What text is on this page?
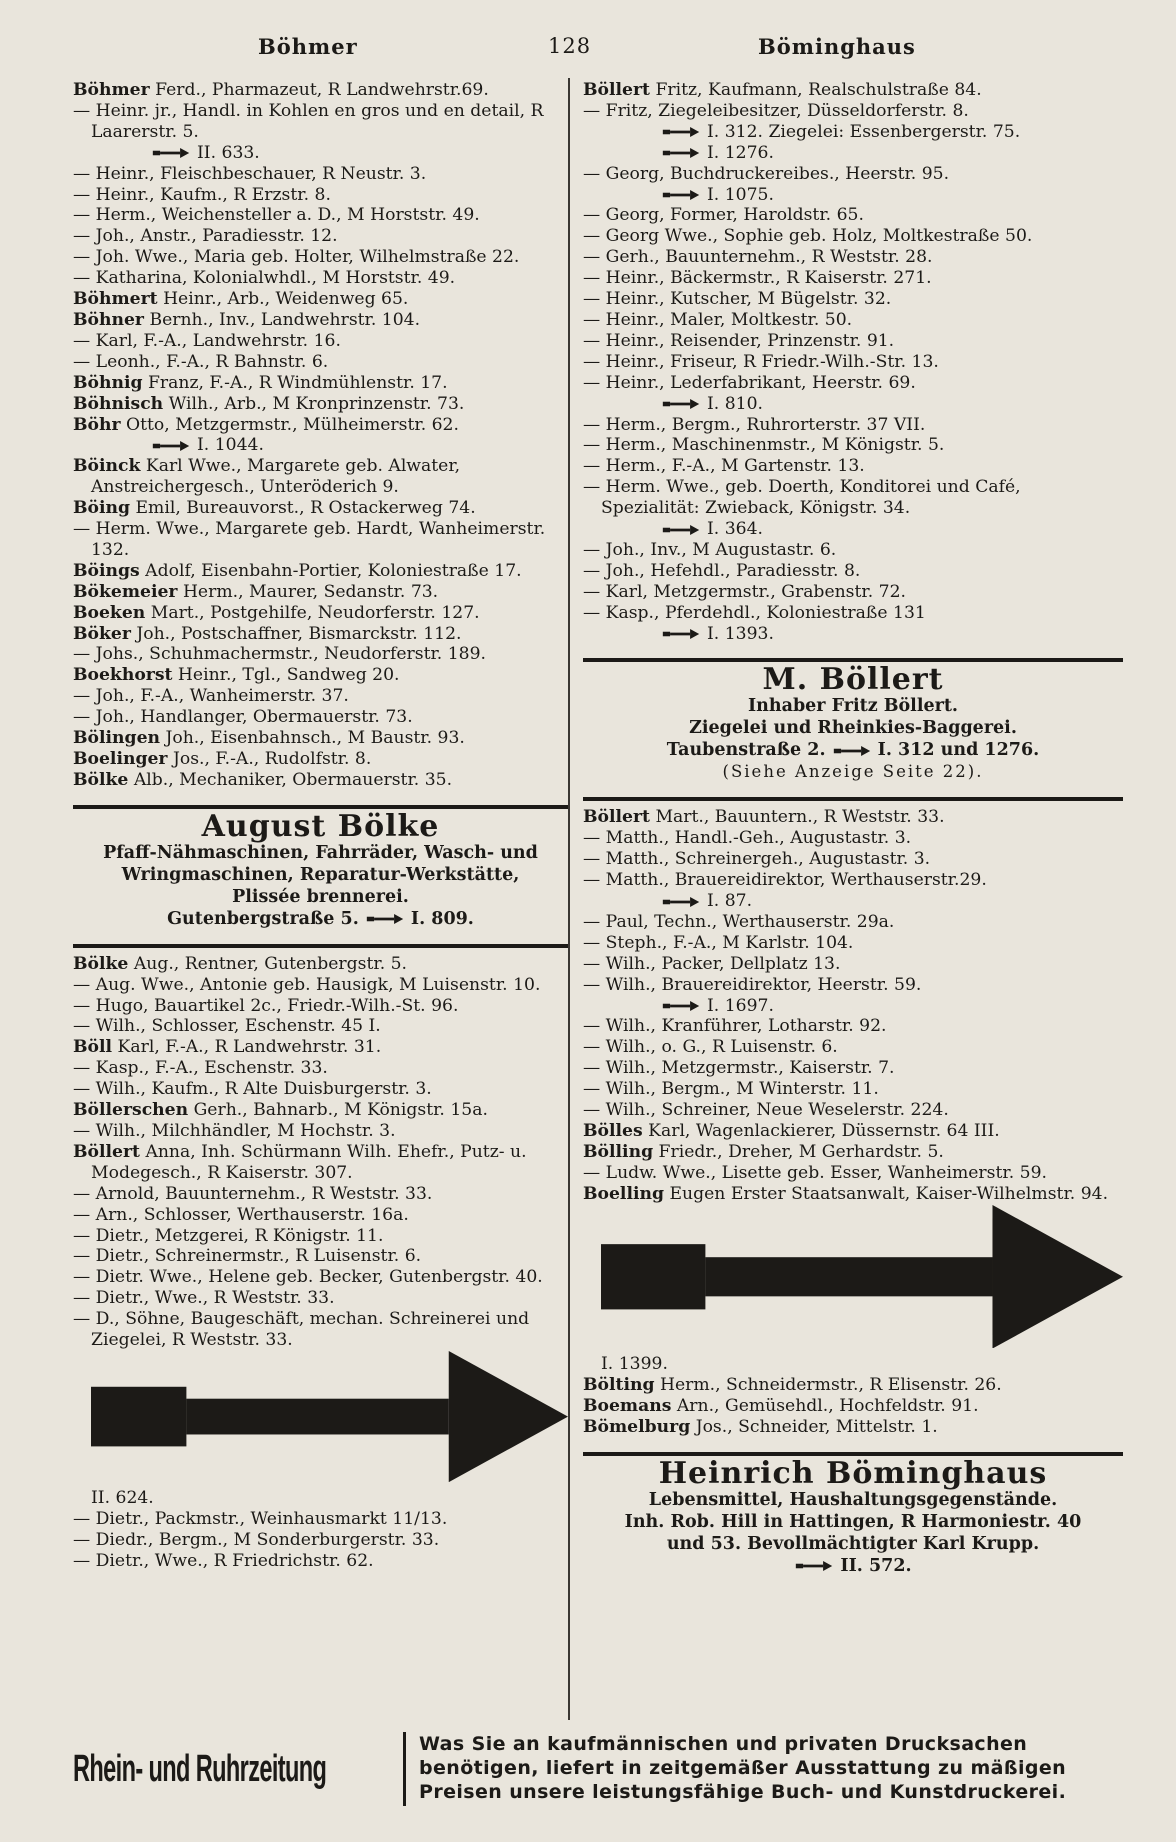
Böhmer	128	Böminghaus

Böhmer Ferd., Pharmazeut, R Landwehrstr.69.

— Heinr. jr., Handl. in Kohlen en gros und en detail, R Laarerstr. 5.
II. 633.

— Heinr., Fleischbeschauer, R Neustr. 3.

— Heinr., Kaufm., R Erzstr. 8.

— Herm., Weichensteller a. D., M Horststr. 49.

— Joh., Anstr., Paradiesstr. 12.

— Joh. Wwe., Maria geb. Holter, Wilhelmstraße 22.

— Katharina, Kolonialwhdl., M Horststr. 49.

Böhmert Heinr., Arb., Weidenweg 65.

Böhner Bernh., Inv., Landwehrstr. 104.

— Karl, F.-A., Landwehrstr. 16.

— Leonh., F.-A., R Bahnstr. 6.

Böhnig Franz, F.-A., R Windmühlenstr. 17.

Böhnisch Wilh., Arb., M Kronprinzenstr. 73.

Böhr Otto, Metzgermstr., Mülheimerstr. 62.
I. 1044.

Böinck Karl Wwe., Margarete geb. Alwater, Anstreichergesch., Unteröderich 9.

Böing Emil, Bureauvorst., R Ostackerweg 74.

— Herm. Wwe., Margarete geb. Hardt, Wanheimerstr. 132.

Böings Adolf, Eisenbahn-Portier, Koloniestraße 17.

Bökemeier Herm., Maurer, Sedanstr. 73.

Boeken Mart., Postgehilfe, Neudorferstr. 127.

Böker Joh., Postschaffner, Bismarckstr. 112.

— Johs., Schuhmachermstr., Neudorferstr. 189.

Boekhorst Heinr., Tgl., Sandweg 20.

— Joh., F.-A., Wanheimerstr. 37.

— Joh., Handlanger, Obermauerstr. 73.

Bölingen Joh., Eisenbahnsch., M Baustr. 93.

Boelinger Jos., F.-A., Rudolfstr. 8.

Bölke Alb., Mechaniker, Obermauerstr. 35.

August Bölke
Pfaff-Nähmaschinen, Fahrräder, Wasch- und
Wringmaschinen, Reparatur-Werkstätte,
Plissée brennerei.
Gutenbergstraße 5.	I. 809.

Bölke Aug., Rentner, Gutenbergstr. 5.

— Aug. Wwe., Antonie geb. Hausigk, M Luisenstr. 10.

— Hugo, Bauartikel 2c., Friedr.-Wilh.-St. 96.

— Wilh., Schlosser, Eschenstr. 45 I.

Böll Karl, F.-A., R Landwehrstr. 31.

— Kasp., F.-A., Eschenstr. 33.

— Wilh., Kaufm., R Alte Duisburgerstr. 3.

Böllerschen Gerh., Bahnarb., M Königstr. 15a.

— Wilh., Milchhändler, M Hochstr. 3.

Böllert Anna, Inh. Schürmann Wilh. Ehefr., Putz- u. Modegesch., R Kaiserstr. 307.

— Arnold, Bauunternehm., R Weststr. 33.

— Arn., Schlosser, Werthauserstr. 16a.

— Dietr., Metzgerei, R Königstr. 11.

— Dietr., Schreinermstr., R Luisenstr. 6.

— Dietr. Wwe., Helene geb. Becker, Gutenbergstr. 40.

— Dietr., Wwe., R Weststr. 33.

— D., Söhne, Baugeschäft, mechan. Schreinerei und Ziegelei, R Weststr. 33. II. 624.

— Dietr., Packmstr., Weinhausmarkt 11/13.

— Diedr., Bergm., M Sonderburgerstr. 33.

— Dietr., Wwe., R Friedrichstr. 62.

Böllert Fritz, Kaufmann, Realschulstraße 84.

— Fritz, Ziegeleibesitzer, Düsseldorferstr. 8.
I. 312. Ziegelei: Essenbergerstr. 75.
I. 1276.

— Georg, Buchdruckereibes., Heerstr. 95.
I. 1075.

— Georg, Former, Haroldstr. 65.

— Georg Wwe., Sophie geb. Holz, Moltkestraße 50.

— Gerh., Bauunternehm., R Weststr. 28.

— Heinr., Bäckermstr., R Kaiserstr. 271.

— Heinr., Kutscher, M Bügelstr. 32.

— Heinr., Maler, Moltkestr. 50.

— Heinr., Reisender, Prinzenstr. 91.

— Heinr., Friseur, R Friedr.-Wilh.-Str. 13.

— Heinr., Lederfabrikant, Heerstr. 69.
I. 810.

— Herm., Bergm., Ruhrorterstr. 37 VII.

— Herm., Maschinenmstr., M Königstr. 5.

— Herm., F.-A., M Gartenstr. 13.

— Herm. Wwe., geb. Doerth, Konditorei und Café, Spezialität: Zwieback, Königstr. 34.
I. 364.

— Joh., Inv., M Augustastr. 6.

— Joh., Hefehdl., Paradiesstr. 8.

— Karl, Metzgermstr., Grabenstr. 72.

— Kasp., Pferdehdl., Koloniestraße 131
I. 1393.

M. Böllert
Inhaber Fritz Böllert.
Ziegelei und Rheinkies-Baggerei.
Taubenstraße 2.	I. 312 und 1276.
(Siehe Anzeige Seite 22).

Böllert Mart., Bauuntern., R Weststr. 33.

— Matth., Handl.-Geh., Augustastr. 3.

— Matth., Schreinergeh., Augustastr. 3.

— Matth., Brauereidirektor, Werthauserstr.29.
I. 87.

— Paul, Techn., Werthauserstr. 29a.

— Steph., F.-A., M Karlstr. 104.

— Wilh., Packer, Dellplatz 13.

— Wilh., Brauereidirektor, Heerstr. 59.
I. 1697.

— Wilh., Kranführer, Lotharstr. 92.

— Wilh., o. G., R Luisenstr. 6.

— Wilh., Metzgermstr., Kaiserstr. 7.

— Wilh., Bergm., M Winterstr. 11.

— Wilh., Schreiner, Neue Weselerstr. 224.

Bölles Karl, Wagenlackierer, Düssernstr. 64 III.

Bölling Friedr., Dreher, M Gerhardstr. 5.

— Ludw. Wwe., Lisette geb. Esser, Wanheimerstr. 59.

Boelling Eugen Erster Staatsanwalt, Kaiser-Wilhelmstr. 94. I. 1399.

Bölting Herm., Schneidermstr., R Elisenstr. 26.

Boemans Arn., Gemüsehdl., Hochfeldstr. 91.

Bömelburg Jos., Schneider, Mittelstr. 1.

Heinrich Böminghaus
Lebensmittel, Haushaltungsgegenstände.
Inh. Rob. Hill in Hattingen, R Harmoniestr. 40
und 53. Bevollmächtigter Karl Krupp.
II. 572.
Rhein- und Ruhrzeitung
Was Sie an kaufmännischen und privaten Drucksachen benötigen, liefert in zeitgemäßer Ausstattung zu mäßigen Preisen unsere leistungsfähige Buch- und Kunstdruckerei.
